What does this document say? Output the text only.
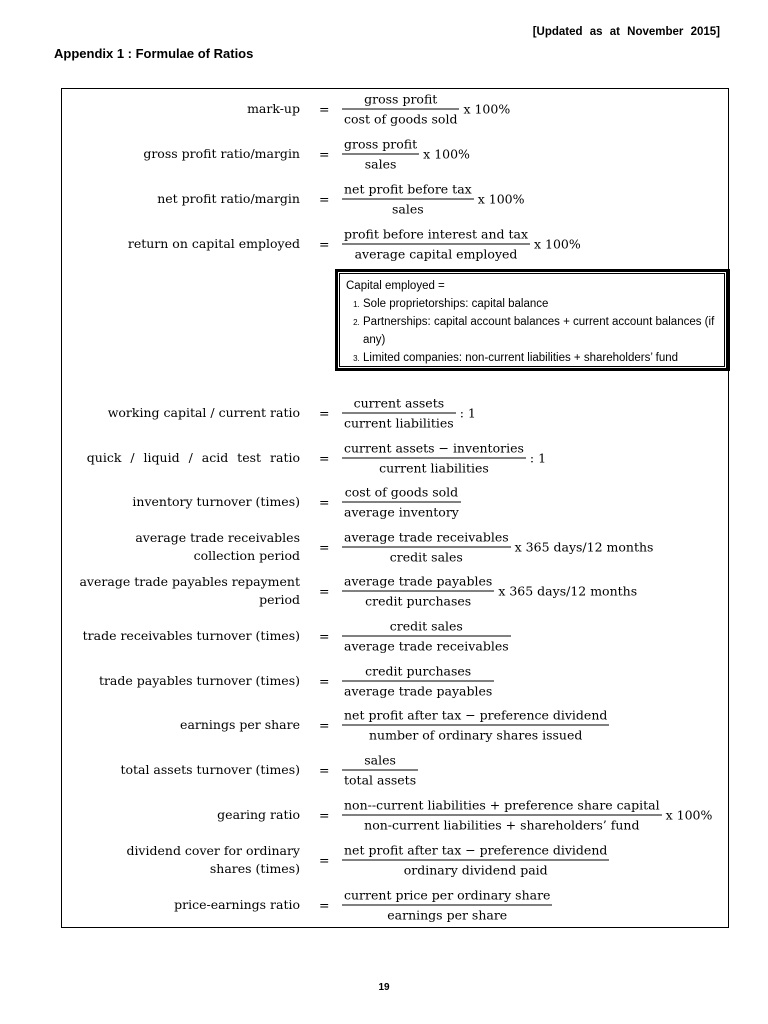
[Updated as at November 2015]
Appendix 1 : Formulae of Ratios
mark-up = $\frac{\text{gross profit}}{\text{cost of goods sold}}$ x 100%
gross profit ratio/margin = $\frac{\text{gross profit}}{\text{sales}}$ x 100%
net profit ratio/margin = $\frac{\text{net profit before tax}}{\text{sales}}$ x 100%
return on capital employed = $\frac{\text{profit before interest and tax}}{\text{average capital employed}}$ x 100%
Capital employed =
1. Sole proprietorships: capital balance
2. Partnerships: capital account balances + current account balances (if any)
3. Limited companies: non-current liabilities + shareholders’ fund
working capital / current ratio = $\frac{\text{current assets}}{\text{current liabilities}}$ : 1
quick / liquid / acid test ratio = $\frac{\text{current assets − inventories}}{\text{current liabilities}}$ : 1
inventory turnover (times) = $\frac{\text{cost of goods sold}}{\text{average inventory}}$
average trade receivables collection period
= $\frac{\text{average trade receivables}}{\text{credit sales}}$ x 365 days/12 months
average trade payables repayment period
= $\frac{\text{average trade payables}}{\text{credit purchases}}$ x 365 days/12 months
trade receivables turnover (times) = $\frac{\text{credit sales}}{\text{average trade receivables}}$
trade payables turnover (times) = $\frac{\text{credit purchases}}{\text{average trade payables}}$
earnings per share = $\frac{\text{net profit after tax − preference dividend}}{\text{number of ordinary shares issued}}$
total assets turnover (times) = $\frac{\text{sales}}{\text{total assets}}$
gearing ratio = $\frac{\text{non--current liabilities + preference share capital}}{\text{non-current liabilities + shareholders’ fund}}$ x 100%
dividend cover for ordinary shares (times)
= $\frac{\text{net profit after tax − preference dividend}}{\text{ordinary dividend paid}}$
price-earnings ratio = $\frac{\text{current price per ordinary share}}{\text{earnings per share}}$
19
